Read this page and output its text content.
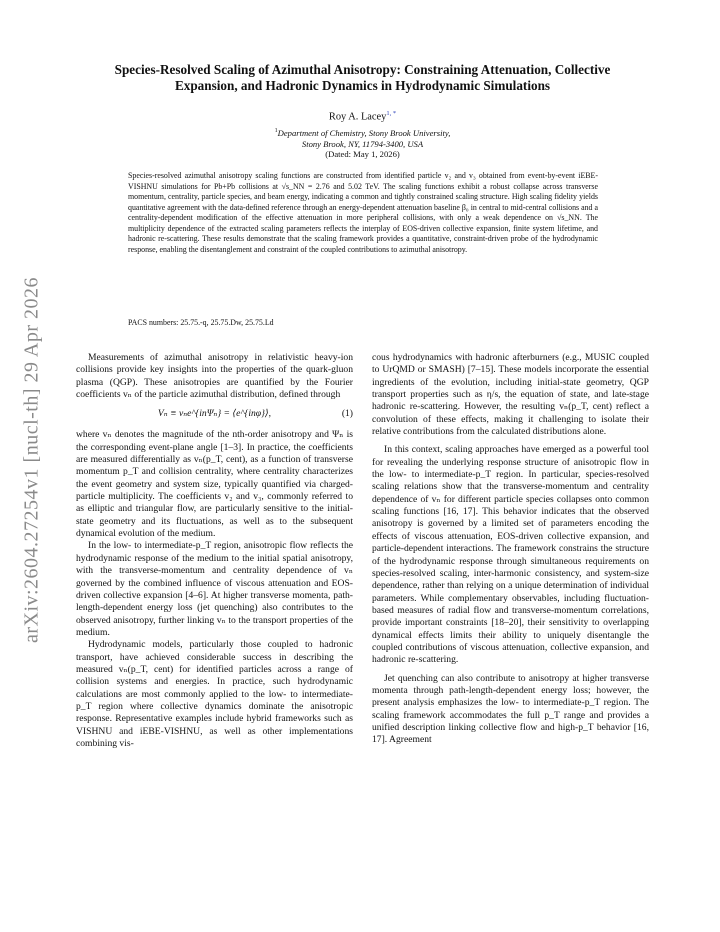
arXiv:2604.27254v1 [nucl-th] 29 Apr 2026
Species-Resolved Scaling of Azimuthal Anisotropy: Constraining Attenuation, Collective Expansion, and Hadronic Dynamics in Hydrodynamic Simulations
Roy A. Lacey$^{1, *}$
$^1$Department of Chemistry, Stony Brook University,
Stony Brook, NY, 11794-3400, USA
(Dated: May 1, 2026)

Species-resolved azimuthal anisotropy scaling functions are constructed from identified particle v₂ and v₃ obtained from event-by-event iEBE-VISHNU simulations for Pb+Pb collisions at √s_NN = 2.76 and 5.02 TeV. The scaling functions exhibit a robust collapse across transverse momentum, centrality, particle species, and beam energy, indicating a common and tightly constrained scaling structure. High scaling fidelity yields quantitative agreement with the data-defined reference through an energy-dependent attenuation baseline β₀ in central to mid-central collisions and a centrality-dependent modification of the effective attenuation in more peripheral collisions, with only a weak dependence on √s_NN. The multiplicity dependence of the extracted scaling parameters reflects the interplay of EOS-driven collective expansion, finite system lifetime, and hadronic re-scattering. These results demonstrate that the scaling framework provides a quantitative, constraint-driven probe of the hydrodynamic response, enabling the disentanglement and constraint of the coupled contributions to azimuthal anisotropy.

PACS numbers: 25.75.-q, 25.75.Dw, 25.75.Ld

Measurements of azimuthal anisotropy in relativistic heavy-ion collisions provide key insights into the properties of the quark-gluon plasma (QGP). These anisotropies are quantified by the Fourier coefficients vₙ of the particle azimuthal distribution, defined through

Vₙ ≡ vₙe^{inΨₙ} = ⟨e^{inφ}⟩,	(1)

where vₙ denotes the magnitude of the nth-order anisotropy and Ψₙ is the corresponding event-plane angle [1–3]. In practice, the coefficients are measured differentially as vₙ(p_T, cent), as a function of transverse momentum p_T and collision centrality, where centrality characterizes the event geometry and system size, typically quantified via charged-particle multiplicity. The coefficients v₂ and v₃, commonly referred to as elliptic and triangular flow, are particularly sensitive to the initial-state geometry and its fluctuations, as well as to the subsequent dynamical evolution of the medium.

In the low- to intermediate-p_T region, anisotropic flow reflects the hydrodynamic response of the medium to the initial spatial anisotropy, with the transverse-momentum and centrality dependence of vₙ governed by the combined influence of viscous attenuation and EOS-driven collective expansion [4–6]. At higher transverse momenta, path-length-dependent energy loss (jet quenching) also contributes to the observed anisotropy, further linking vₙ to the transport properties of the medium.

Hydrodynamic models, particularly those coupled to hadronic transport, have achieved considerable success in describing the measured vₙ(p_T, cent) for identified particles across a range of collision systems and energies. In practice, such hydrodynamic calculations are most commonly applied to the low- to intermediate-p_T region where collective dynamics dominate the anisotropic response. Representative examples include hybrid frameworks such as VISHNU and iEBE-VISHNU, as well as other implementations combining vis-

cous hydrodynamics with hadronic afterburners (e.g., MUSIC coupled to UrQMD or SMASH) [7–15]. These models incorporate the essential ingredients of the evolution, including initial-state geometry, QGP transport properties such as η/s, the equation of state, and late-stage hadronic re-scattering. However, the resulting vₙ(p_T, cent) reflect a convolution of these effects, making it challenging to isolate their relative contributions from the calculated distributions alone.

In this context, scaling approaches have emerged as a powerful tool for revealing the underlying response structure of anisotropic flow in the low- to intermediate-p_T region. In particular, species-resolved scaling relations show that the transverse-momentum and centrality dependence of vₙ for different particle species collapses onto common scaling functions [16, 17]. This behavior indicates that the observed anisotropy is governed by a limited set of parameters encoding the effects of viscous attenuation, EOS-driven collective expansion, and particle-dependent interactions. The framework constrains the structure of the hydrodynamic response through simultaneous requirements on species-resolved scaling, inter-harmonic consistency, and system-size dependence, rather than relying on a unique determination of individual parameters. While complementary observables, including fluctuation-based measures of radial flow and transverse-momentum correlations, provide important constraints [18–20], their sensitivity to overlapping dynamical effects limits their ability to uniquely disentangle the coupled contributions of viscous attenuation, collective expansion, and hadronic re-scattering.

Jet quenching can also contribute to anisotropy at higher transverse momenta through path-length-dependent energy loss; however, the present analysis emphasizes the low- to intermediate-p_T region. The scaling framework accommodates the full p_T range and provides a unified description linking collective flow and high-p_T behavior [16, 17]. Agreement
